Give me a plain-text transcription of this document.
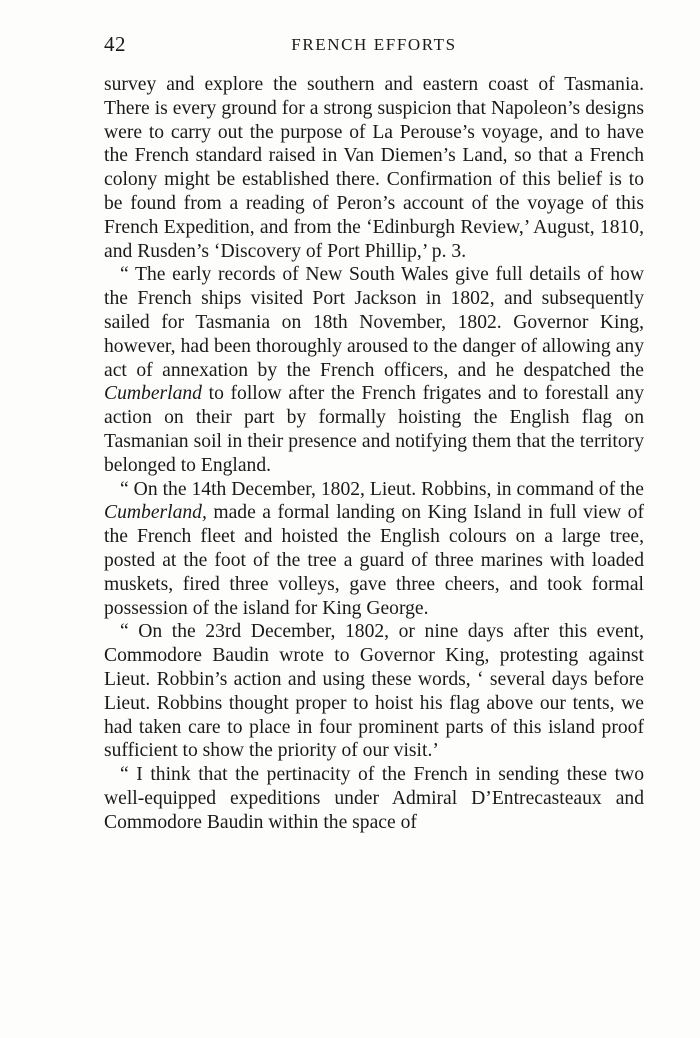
42	FRENCH EFFORTS

survey and explore the southern and eastern coast of Tasmania. There is every ground for a strong suspicion that Napoleon’s designs were to carry out the purpose of La Perouse’s voyage, and to have the French standard raised in Van Diemen’s Land, so that a French colony might be established there. Confirmation of this belief is to be found from a reading of Peron’s account of the voyage of this French Expedition, and from the ‘Edinburgh Review,’ August, 1810, and Rusden’s ‘Discovery of Port Phillip,’ p. 3.

“ The early records of New South Wales give full details of how the French ships visited Port Jackson in 1802, and subsequently sailed for Tasmania on 18th November, 1802. Governor King, however, had been thoroughly aroused to the danger of allowing any act of annexation by the French officers, and he despatched the Cumberland to follow after the French frigates and to forestall any action on their part by formally hoisting the English flag on Tasmanian soil in their presence and notifying them that the territory belonged to England.

“ On the 14th December, 1802, Lieut. Robbins, in command of the Cumberland, made a formal landing on King Island in full view of the French fleet and hoisted the English colours on a large tree, posted at the foot of the tree a guard of three marines with loaded muskets, fired three volleys, gave three cheers, and took formal possession of the island for King George.

“ On the 23rd December, 1802, or nine days after this event, Commodore Baudin wrote to Governor King, protesting against Lieut. Robbin’s action and using these words, ‘ several days before Lieut. Robbins thought proper to hoist his flag above our tents, we had taken care to place in four prominent parts of this island proof sufficient to show the priority of our visit.’

“ I think that the pertinacity of the French in sending these two well-equipped expeditions under Admiral D’Entrecasteaux and Commodore Baudin within the space of
